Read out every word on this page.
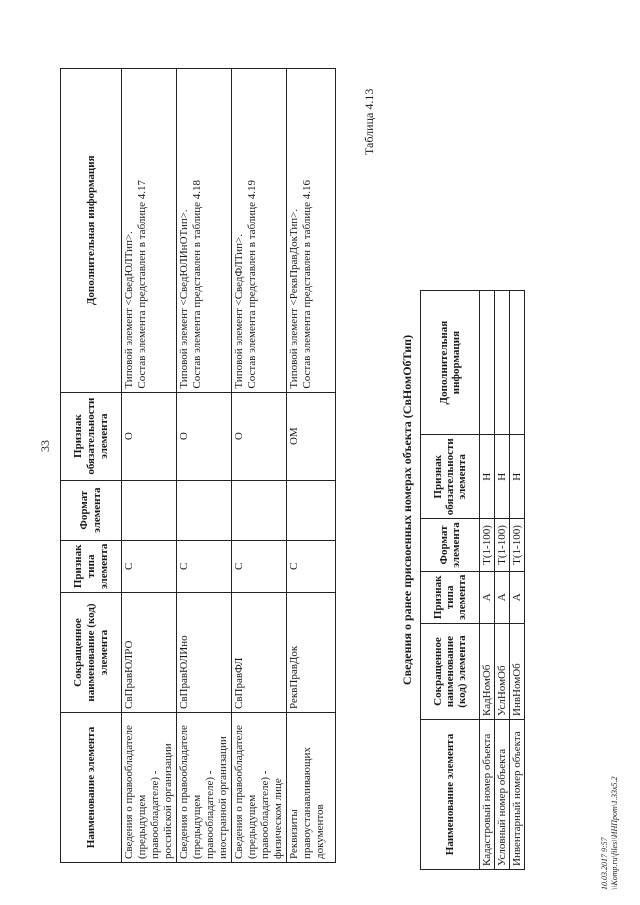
33
Наименование элемента	Сокращенное наименование (код) элемента	Признак типа элемента	Формат элемента	Признак обязательности элемента	Дополнительная информация
Сведения о правообладателе (предыдущем правообладателе) - российской организации	СвПравЮЛРО	С		О	Типовой элемент <СведЮЛТип>. Состав элемента представлен в таблице 4.17

Сведения о правообладателе (предыдущем правообладателе) - иностранной организации	СвПравЮЛИно	С		О	Типовой элемент <СведЮЛИнОТип>. Состав элемента представлен в таблице 4.18

Сведения о правообладателе (предыдущем правообладателе) - физическом лице	СвПравФЛ	С		О	Типовой элемент <СведФЛТип>. Состав элемента представлен в таблице 4.19

Реквизиты правоустанавливающих документов	РеквПравДок	С		ОМ	Типовой элемент <РеквПравДокТип>. Состав элемента представлен в таблице 4.16
Таблица 4.13
Сведения о ранее присвоенных номерах объекта (СвНомОбТип)
Наименование элемента	Сокращенное наименование (код) элемента	Признак типа элемента	Формат элемента	Признак обязательности элемента	Дополнительная информация
Кадастровый номер объекта	КадНомОб	А	T(1-100)	Н	
Условный номер объекта	УслНомОб	А	T(1-100)	Н	
Инвентарный номер объекта	ИнвНомОб	А	T(1-100)	Н	
10.03.2017 9:57 \\Komp.ru\files\\ИНПрот\1.33x5.2
